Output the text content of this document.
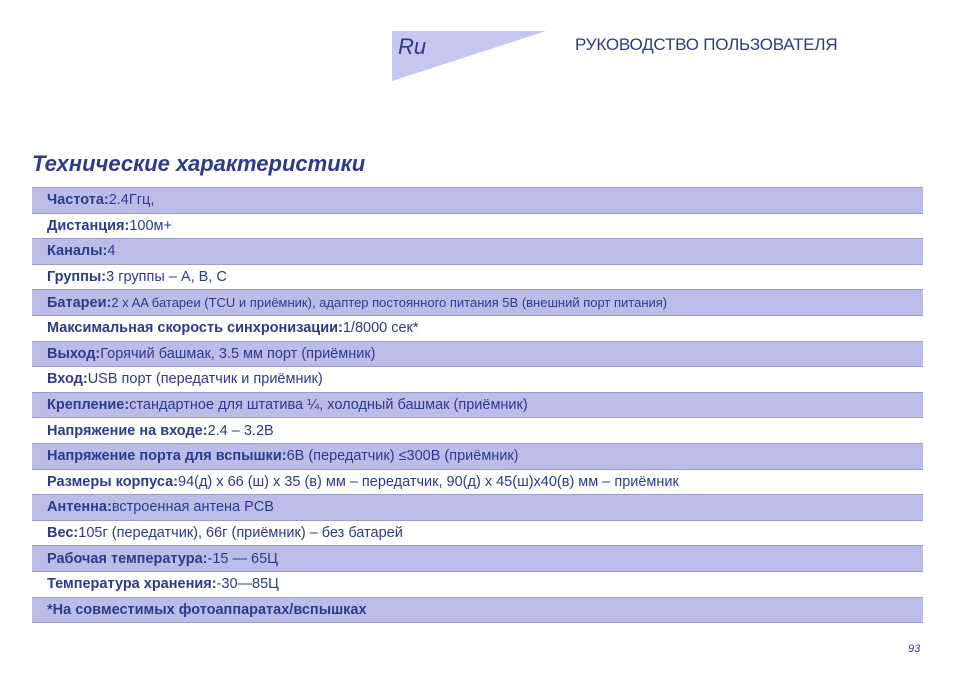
Ru	РУКОВОДСТВО ПОЛЬЗОВАТЕЛЯ
Технические характеристики
Частота: 2.4Ггц,
Дистанция: 100м+
Каналы: 4
Группы: 3 группы – A, B, C
Батареи: 2 x AA батареи (TCU и приёмник), адаптер постоянного питания 5В (внешний порт питания)
Максимальная скорость синхронизации: 1/8000 сек*
Выход: Горячий башмак, 3.5 мм порт (приёмник)
Вход: USB порт (передатчик и приёмник)
Крепление: стандартное для штатива ¼, холодный башмак (приёмник)
Напряжение на входе: 2.4 – 3.2В
Напряжение порта для вспышки: 6В (передатчик) ≤300В (приёмник)
Размеры корпуса: 94(д) x 66 (ш) x 35 (в) мм – передатчик, 90(д) x 45(ш)x40(в) мм – приёмник
Антенна: встроенная антена PCB
Вес: 105г (передатчик), 66г (приёмник) – без батарей
Рабочая температура: -15 — 65Ц
Температура хранения: -30—85Ц
*На совместимых фотоаппаратах/вспышках
93
